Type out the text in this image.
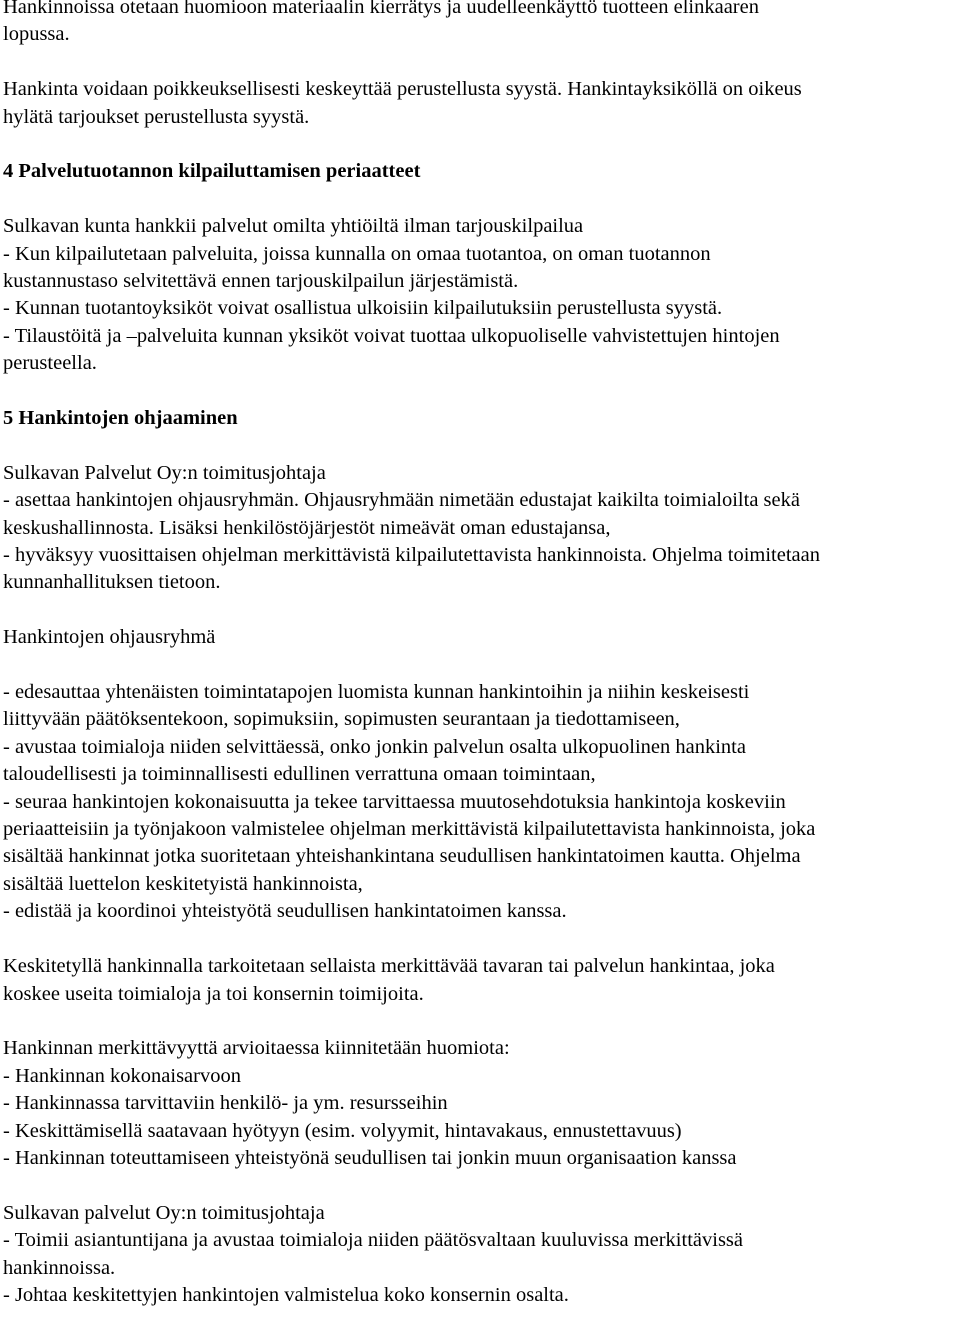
Hankinnoissa otetaan huomioon materiaalin kierrätys ja uudelleenkäyttö tuotteen elinkaaren

lopussa.

Hankinta voidaan poikkeuksellisesti keskeyttää perustellusta syystä. Hankintayksiköllä on oikeus

hylätä tarjoukset perustellusta syystä.

4 Palvelutuotannon kilpailuttamisen periaatteet

Sulkavan kunta hankkii palvelut omilta yhtiöiltä ilman tarjouskilpailua

- Kun kilpailutetaan palveluita, joissa kunnalla on omaa tuotantoa, on oman tuotannon

kustannustaso selvitettävä ennen tarjouskilpailun järjestämistä.

- Kunnan tuotantoyksiköt voivat osallistua ulkoisiin kilpailutuksiin perustellusta syystä.

- Tilaustöitä ja –palveluita kunnan yksiköt voivat tuottaa ulkopuoliselle vahvistettujen hintojen

perusteella.

5 Hankintojen ohjaaminen

Sulkavan Palvelut Oy:n toimitusjohtaja

- asettaa hankintojen ohjausryhmän. Ohjausryhmään nimetään edustajat kaikilta toimialoilta sekä

keskushallinnosta. Lisäksi henkilöstöjärjestöt nimeävät oman edustajansa,

- hyväksyy vuosittaisen ohjelman merkittävistä kilpailutettavista hankinnoista. Ohjelma toimitetaan

kunnanhallituksen tietoon.

Hankintojen ohjausryhmä

- edesauttaa yhtenäisten toimintatapojen luomista kunnan hankintoihin ja niihin keskeisesti

liittyvään päätöksentekoon, sopimuksiin, sopimusten seurantaan ja tiedottamiseen,

- avustaa toimialoja niiden selvittäessä, onko jonkin palvelun osalta ulkopuolinen hankinta

taloudellisesti ja toiminnallisesti edullinen verrattuna omaan toimintaan,

- seuraa hankintojen kokonaisuutta ja tekee tarvittaessa muutosehdotuksia hankintoja koskeviin

periaatteisiin ja työnjakoon valmistelee ohjelman merkittävistä kilpailutettavista hankinnoista, joka

sisältää hankinnat jotka suoritetaan yhteishankintana seudullisen hankintatoimen kautta. Ohjelma

sisältää luettelon keskitetyistä hankinnoista,

- edistää ja koordinoi yhteistyötä seudullisen hankintatoimen kanssa.

Keskitetyllä hankinnalla tarkoitetaan sellaista merkittävää tavaran tai palvelun hankintaa, joka

koskee useita toimialoja ja toi konsernin toimijoita.

Hankinnan merkittävyyttä arvioitaessa kiinnitetään huomiota:

- Hankinnan kokonaisarvoon

- Hankinnassa tarvittaviin henkilö- ja ym. resursseihin

- Keskittämisellä saatavaan hyötyyn (esim. volyymit, hintavakaus, ennustettavuus)

- Hankinnan toteuttamiseen yhteistyönä seudullisen tai jonkin muun organisaation kanssa

Sulkavan palvelut Oy:n toimitusjohtaja

- Toimii asiantuntijana ja avustaa toimialoja niiden päätösvaltaan kuuluvissa merkittävissä

hankinnoissa.

- Johtaa keskitettyjen hankintojen valmistelua koko konsernin osalta.
